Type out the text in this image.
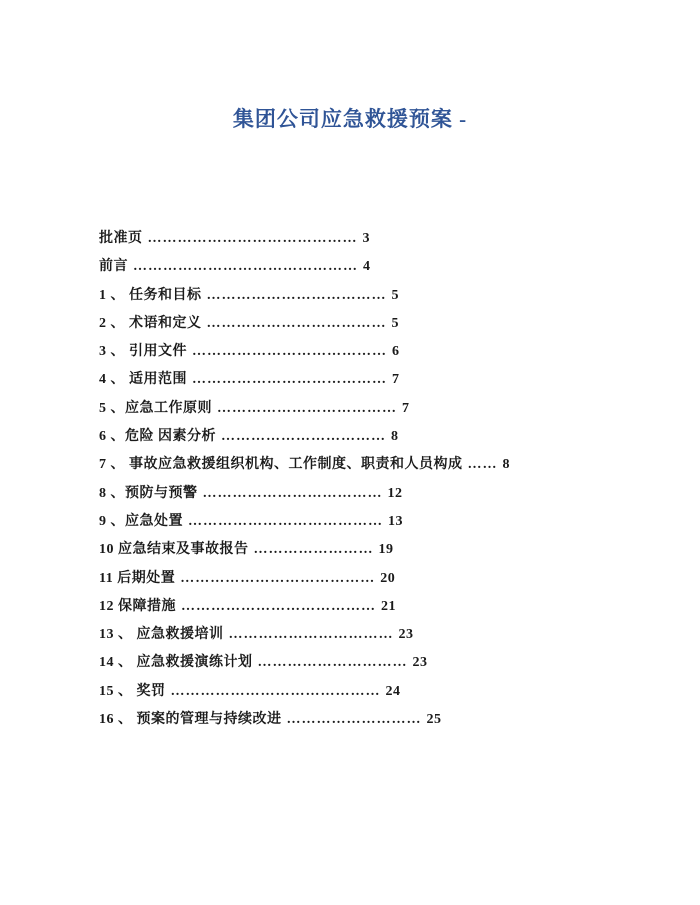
集团公司应急救援预案 -
批准页 …………………………………… 3
前言 ……………………………………… 4
1 、 任务和目标 ……………………………… 5
2 、 术语和定义 ……………………………… 5
3 、 引用文件 ………………………………… 6
4 、 适用范围 ………………………………… 7
5 、应急工作原则 ……………………………… 7
6 、危险 因素分析 …………………………… 8
7 、 事故应急救援组织机构、工作制度、职责和人员构成 …… 8
8 、预防与预警 ……………………………… 12
9 、应急处置 ………………………………… 13
10 应急结束及事故报告 …………………… 19
11 后期处置 ………………………………… 20
12 保障措施 ………………………………… 21
13 、 应急救援培训 …………………………… 23
14 、 应急救援演练计划 ………………………… 23
15 、 奖罚 …………………………………… 24
16 、 预案的管理与持续改进 ……………………… 25
